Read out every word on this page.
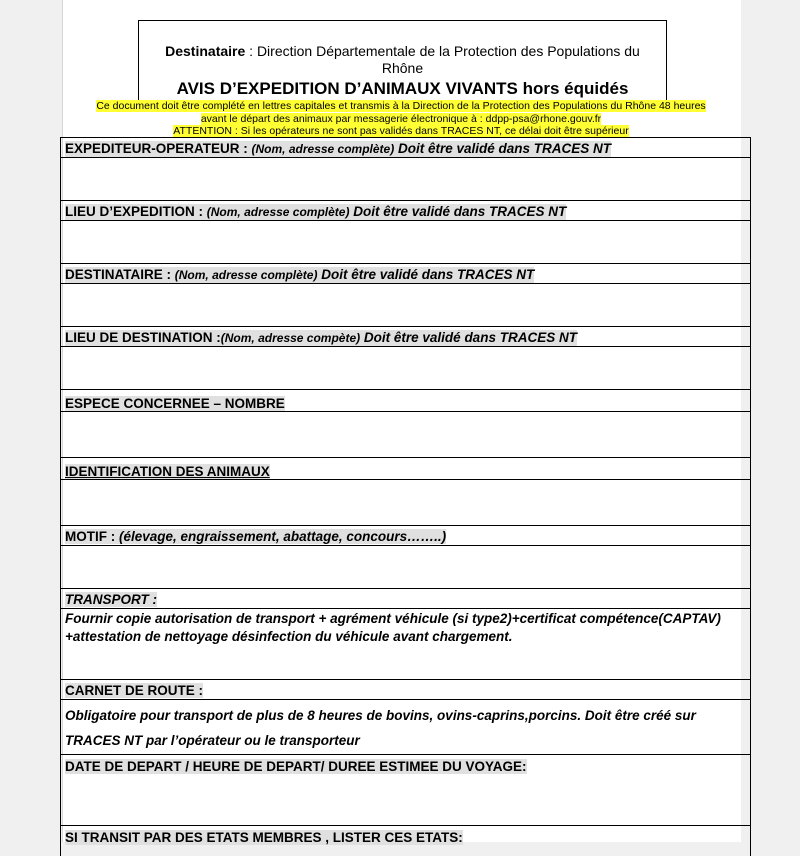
Destinataire : Direction Départementale de la Protection des Populations du Rhône
AVIS D’EXPEDITION D’ANIMAUX VIVANTS hors équidés
Ce document doit être complété en lettres capitales et transmis à la Direction de la Protection des Populations du Rhône 48 heures
avant le départ des animaux par messagerie électronique à : ddpp-psa@rhone.gouv.fr
ATTENTION : Si les opérateurs ne sont pas validés dans TRACES NT, ce délai doit être supérieur
EXPEDITEUR-OPERATEUR : (Nom, adresse complète) Doit être validé dans TRACES NT
LIEU D’EXPEDITION : (Nom, adresse complète) Doit être validé dans TRACES NT
DESTINATAIRE : (Nom, adresse complète) Doit être validé dans TRACES NT
LIEU DE DESTINATION :(Nom, adresse compète) Doit être validé dans TRACES NT
ESPECE CONCERNEE – NOMBRE
IDENTIFICATION DES ANIMAUX
MOTIF : (élevage, engraissement, abattage, concours……..)
TRANSPORT :
Fournir copie autorisation de transport + agrément véhicule (si type2)+certificat compétence(CAPTAV) +attestation de nettoyage désinfection du véhicule avant chargement.
CARNET DE ROUTE :
Obligatoire pour transport de plus de 8 heures de bovins, ovins-caprins,porcins. Doit être créé sur TRACES NT par l’opérateur ou le transporteur
DATE DE DEPART / HEURE DE DEPART/ DUREE ESTIMEE DU VOYAGE:
SI TRANSIT PAR DES ETATS MEMBRES , LISTER CES ETATS:
